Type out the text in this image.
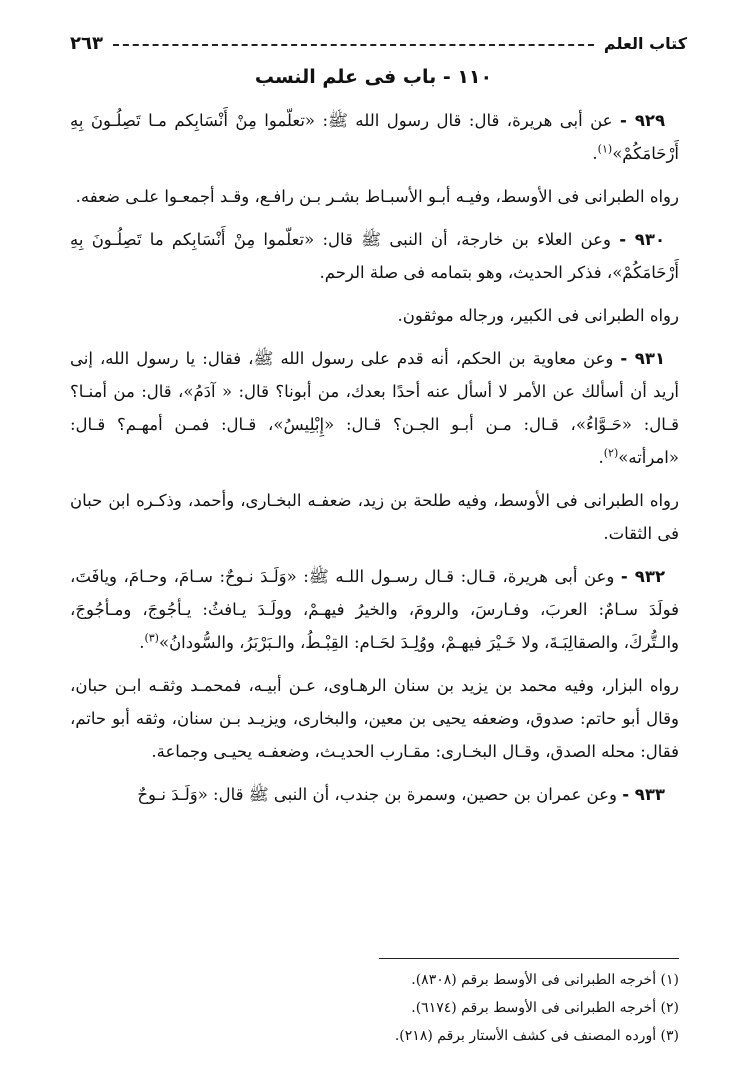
كتاب العلم
٢٦٣
١١٠ - باب فى علم النسب

٩٢٩ - عن أبى هريرة، قال: قال رسول الله ﷺ: «تعلّموا مِنْ أَنْسَابِكم مـا تَصِلُـونَ بِهِ أَرْحَامَكُمْ»$^{(١)}$.

رواه الطبرانى فى الأوسط، وفيـه أبـو الأسبـاط بشـر بـن رافـع، وقـد أجمعـوا علـى ضعفه.

٩٣٠ - وعن العلاء بن خارجة، أن النبى ﷺ قال: «تعلّموا مِنْ أَنْسَابِكم ما تَصِلُـونَ بِهِ أَرْحَامَكُمْ»، فذكر الحديث، وهو بتمامه فى صلة الرحم.

رواه الطبرانى فى الكبير، ورجاله موثقون.

٩٣١ - وعن معاوية بن الحكم، أنه قدم على رسول الله ﷺ، فقال: يا رسول الله، إنى أريد أن أسألك عن الأمر لا أسأل عنه أحدًا بعدك، من أبونا؟ قال: « آدَمُ»، قال: من أمنـا؟ قـال: «حَـوَّاءُ»، قـال: مـن أبـو الجـن؟ قـال: «إِبْلِيسُ»، قـال: فمـن أمهـم؟ قـال: «امرأته»$^{(٢)}$.

رواه الطبرانى فى الأوسط، وفيه طلحة بن زيد، ضعفـه البخـارى، وأحمد، وذكـره ابن حبان فى الثقات.

٩٣٢ - وعن أبى هريرة، قـال: قـال رسـول اللـه ﷺ: «وَلَـدَ نـوحٌ: سـامَ، وحـامَ، ويافَتَ، فولَدَ سـامٌ: العربَ، وفـارسَ، والرومَ، والخيرُ فيهـمْ، وولَـدَ يـافثُ: يـأجُوجَ، ومـأجُوجَ، والـتُّركَ، والصقالِبَـةَ، ولا خَـيْرَ فيهـمْ، ووُلِـدَ لحَـام: القِبْـطُ، والـبَرْبَرُ، والسُّودانُ»$^{(٣)}$.

رواه البزار، وفيه محمد بن يزيد بن سنان الرهـاوى، عـن أبيـه، فمحمـد وثقـه ابـن حبان، وقال أبو حاتم: صدوق، وضعفه يحيى بن معين، والبخارى، ويزيـد بـن سنان، وثقه أبو حاتم، فقال: محله الصدق، وقـال البخـارى: مقـارب الحديـث، وضعفـه يحيـى وجماعة.

٩٣٣ - وعن عمران بن حصين، وسمرة بن جندب، أن النبى ﷺ قال: «وَلَـدَ نـوحٌ

(١) أخرجه الطبرانى فى الأوسط برقم (٨٣٠٨).

(٢) أخرجه الطبرانى فى الأوسط برقم (٦١٧٤).

(٣) أورده المصنف فى كشف الأستار برقم (٢١٨).
